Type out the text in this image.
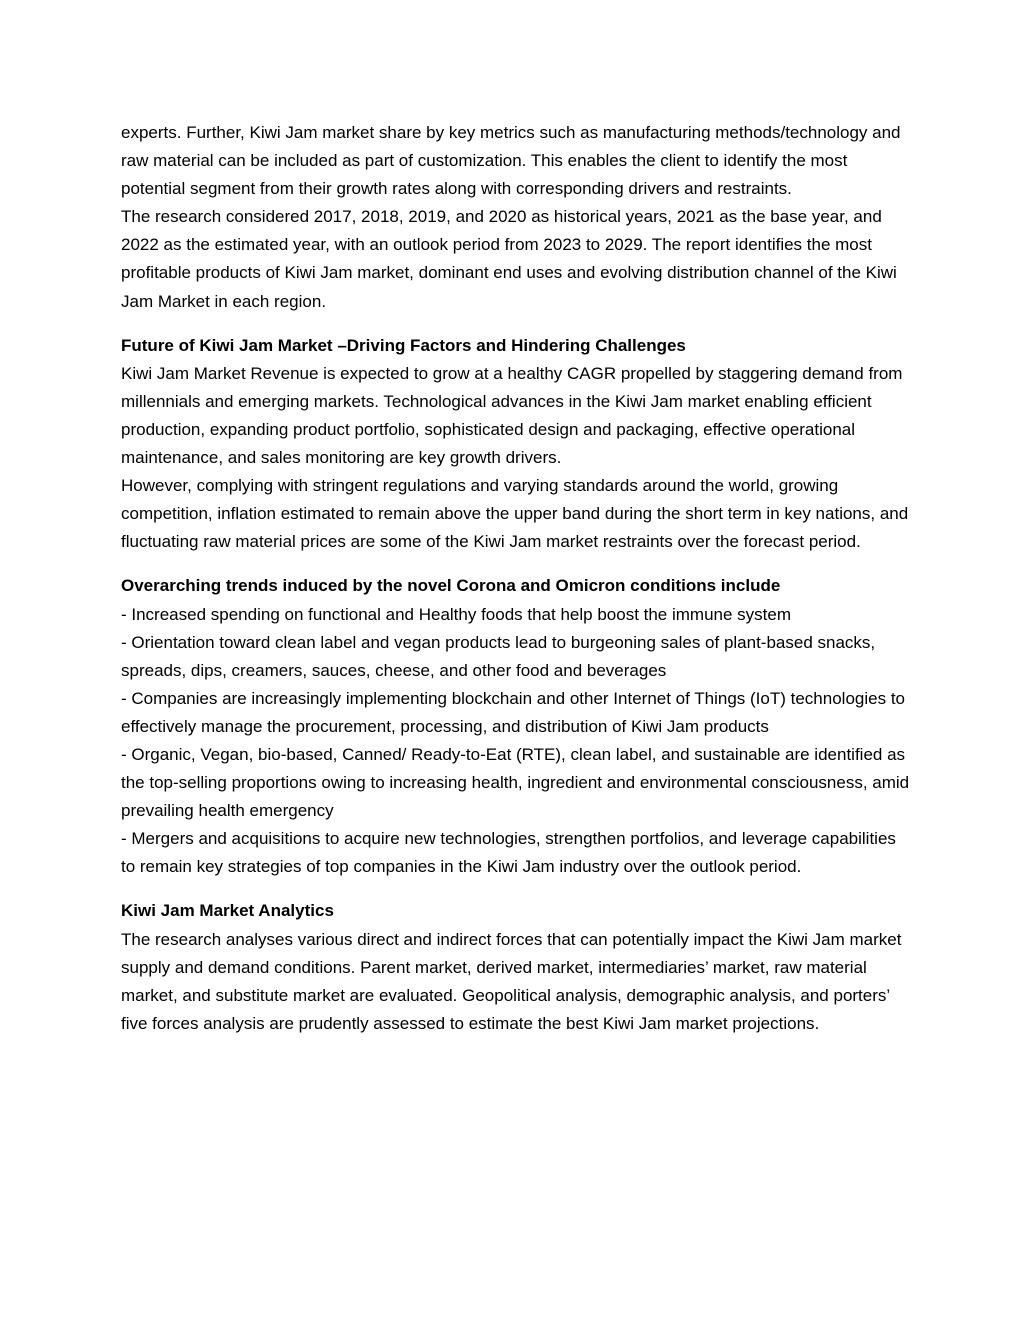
experts. Further, Kiwi Jam market share by key metrics such as manufacturing methods/technology and raw material can be included as part of customization. This enables the client to identify the most potential segment from their growth rates along with corresponding drivers and restraints.

The research considered 2017, 2018, 2019, and 2020 as historical years, 2021 as the base year, and 2022 as the estimated year, with an outlook period from 2023 to 2029. The report identifies the most profitable products of Kiwi Jam market, dominant end uses and evolving distribution channel of the Kiwi Jam Market in each region.

Future of Kiwi Jam Market –Driving Factors and Hindering Challenges

Kiwi Jam Market Revenue is expected to grow at a healthy CAGR propelled by staggering demand from millennials and emerging markets. Technological advances in the Kiwi Jam market enabling efficient production, expanding product portfolio, sophisticated design and packaging, effective operational maintenance, and sales monitoring are key growth drivers.

However, complying with stringent regulations and varying standards around the world, growing competition, inflation estimated to remain above the upper band during the short term in key nations, and fluctuating raw material prices are some of the Kiwi Jam market restraints over the forecast period.

Overarching trends induced by the novel Corona and Omicron conditions include

- Increased spending on functional and Healthy foods that help boost the immune system

- Orientation toward clean label and vegan products lead to burgeoning sales of plant-based snacks, spreads, dips, creamers, sauces, cheese, and other food and beverages

- Companies are increasingly implementing blockchain and other Internet of Things (IoT) technologies to effectively manage the procurement, processing, and distribution of Kiwi Jam products

- Organic, Vegan, bio-based, Canned/ Ready-to-Eat (RTE), clean label, and sustainable are identified as the top-selling proportions owing to increasing health, ingredient and environmental consciousness, amid prevailing health emergency

- Mergers and acquisitions to acquire new technologies, strengthen portfolios, and leverage capabilities to remain key strategies of top companies in the Kiwi Jam industry over the outlook period.

Kiwi Jam Market Analytics

The research analyses various direct and indirect forces that can potentially impact the Kiwi Jam market supply and demand conditions. Parent market, derived market, intermediaries’ market, raw material market, and substitute market are evaluated. Geopolitical analysis, demographic analysis, and porters’ five forces analysis are prudently assessed to estimate the best Kiwi Jam market projections.
